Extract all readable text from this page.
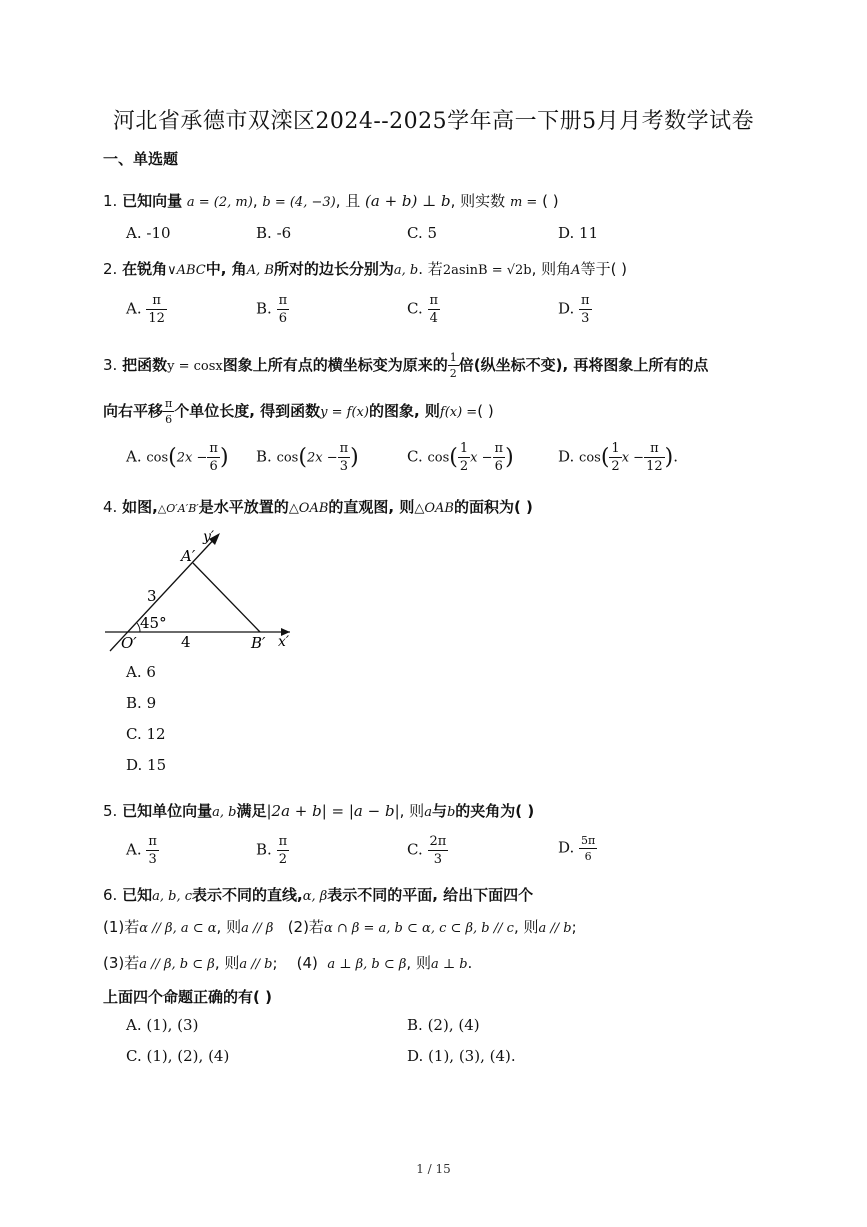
河北省承德市双滦区2024--2025学年高一下册5月月考数学试卷
一、单选题
1. 已知向量 a = (2, m), b = (4, −3), 且 (a + b) ⊥ b, 则实数 m = ( )
A. -10	B. -6	C. 5	D. 11
2. 在锐角∨ABC中, 角A, B所对的边长分别为a, b. 若2asinB = √2b, 则角A等于( )
A. $\frac{\pi}{12}$	B. $\frac{\pi}{6}$	C. $\frac{\pi}{4}$	D. $\frac{\pi}{3}$
3. 把函数y = cosx图象上所有点的横坐标变为原来的 $\frac{1}{2}$ 倍(纵坐标不变), 再将图象上所有的点
向右平移 $\frac{\pi}{6}$ 个单位长度, 得到函数y = f(x)的图象, 则f(x) =( )
A. $\cos(2x - \frac{\pi}{6}$ ) B. $\cos(2x - \frac{\pi}{3}$ )	C. $\cos( \frac{1}{2}$ $x - \frac{\pi}{6}$ )	D. $\cos( \frac{1}{2}$ $x - \frac{\pi}{12}$ ).
4. 如图,△O′A′B′是水平放置的△OAB的直观图, 则△OAB的面积为( )
y′
A′
3
45°
4
O′	B′ x′
A. 6
B. 9
C. 12
D. 15
5. 已知单位向量a, b满足|2a + b| = |a − b|, 则a与b的夹角为( )
A. $\frac{\pi}{3}$	B. $\frac{\pi}{2}$	C. $\frac{2\pi}{3}$	D. $\frac{5\pi}{6}$
6. 已知a, b, c表示不同的直线,α, β表示不同的平面, 给出下面四个
(1)若α // β, a ⊂ α, 则a // β (2)若α ∩ β = a, b ⊂ α, c ⊂ β, b // c, 则a // b;
(3)若a // β, b ⊂ β, 则a // b; (4) a ⊥ β, b ⊂ β, 则a ⊥ b.
上面四个命题正确的有( )
A. (1), (3)	B. (2), (4)
C. (1), (2), (4)	D. (1), (3), (4).
1 / 15
